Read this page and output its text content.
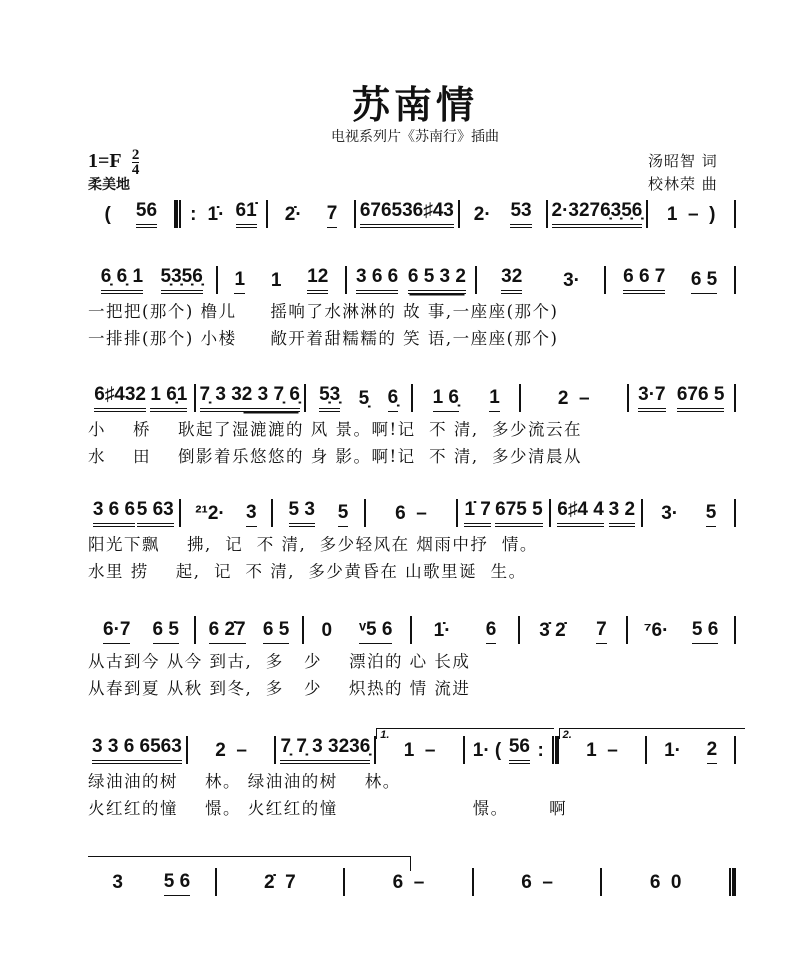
苏南情
电视系列片《苏南行》插曲
$1=F \frac{2}{4}$
柔美地
汤昭智 词
校林荣 曲
( 56 : 1̇· 61̇ 2̇· 7 6765 36♯43 2· 53 2·327 6̣3̣5̣6̣ 1  –  )
6̣ 6̣ 1 5̣3̣5̣6̣ 1 1 12 3 6 6 6 5 3 2 32 3· 6 6 7 6 5
一把把(那个) 橹儿     摇响了水淋淋的 故 事,一座座(那个)
一排排(那个) 小楼     敞开着甜糯糯的 笑 语,一座座(那个)
6♯432 1 6̣1 7̣ 3 3 2 3 7̣ 6̣ 5̣3̣ 5̣ 6̣ 1 6̣ 1	2  –	3·7 676 5
小    桥    耿起了湿漉漉的 风 景。啊!记  不 清,  多少流云在
水    田    倒影着乐悠悠的 身 影。啊!记  不 清,  多少清晨从
3 6 6 5 63 ²¹2· 3 5 3 5 6  – 1̇ 7 675 5 6♯4 4 3 2 3· 5
阳光下飘    拂,  记  不 清,  多少轻风在 烟雨中抒  情。
水里 捞    起,  记  不 清,  多少黄昏在 山歌里诞  生。
6·7 6 5 6 2̇7 6 5 0 ᵛ5 6 1̇· 6 3̇ 2̇ 7 ⁷6· 5 6
从古到今 从今 到古,  多   少    漂泊的 心 长成
从春到夏 从秋 到冬,  多   少    炽热的 情 流进
3 3 6 6 563 2  – 7̣ 7̣ 3 3 236̣ 1  –
1.
1· ( 56 : 1  –
2.
1· 2
绿油油的树    林。 绿油油的树    林。
火红红的憧    憬。 火红红的憧                    憬。      啊
3 5 6	2̇  7	6  –	6  –	6  0
